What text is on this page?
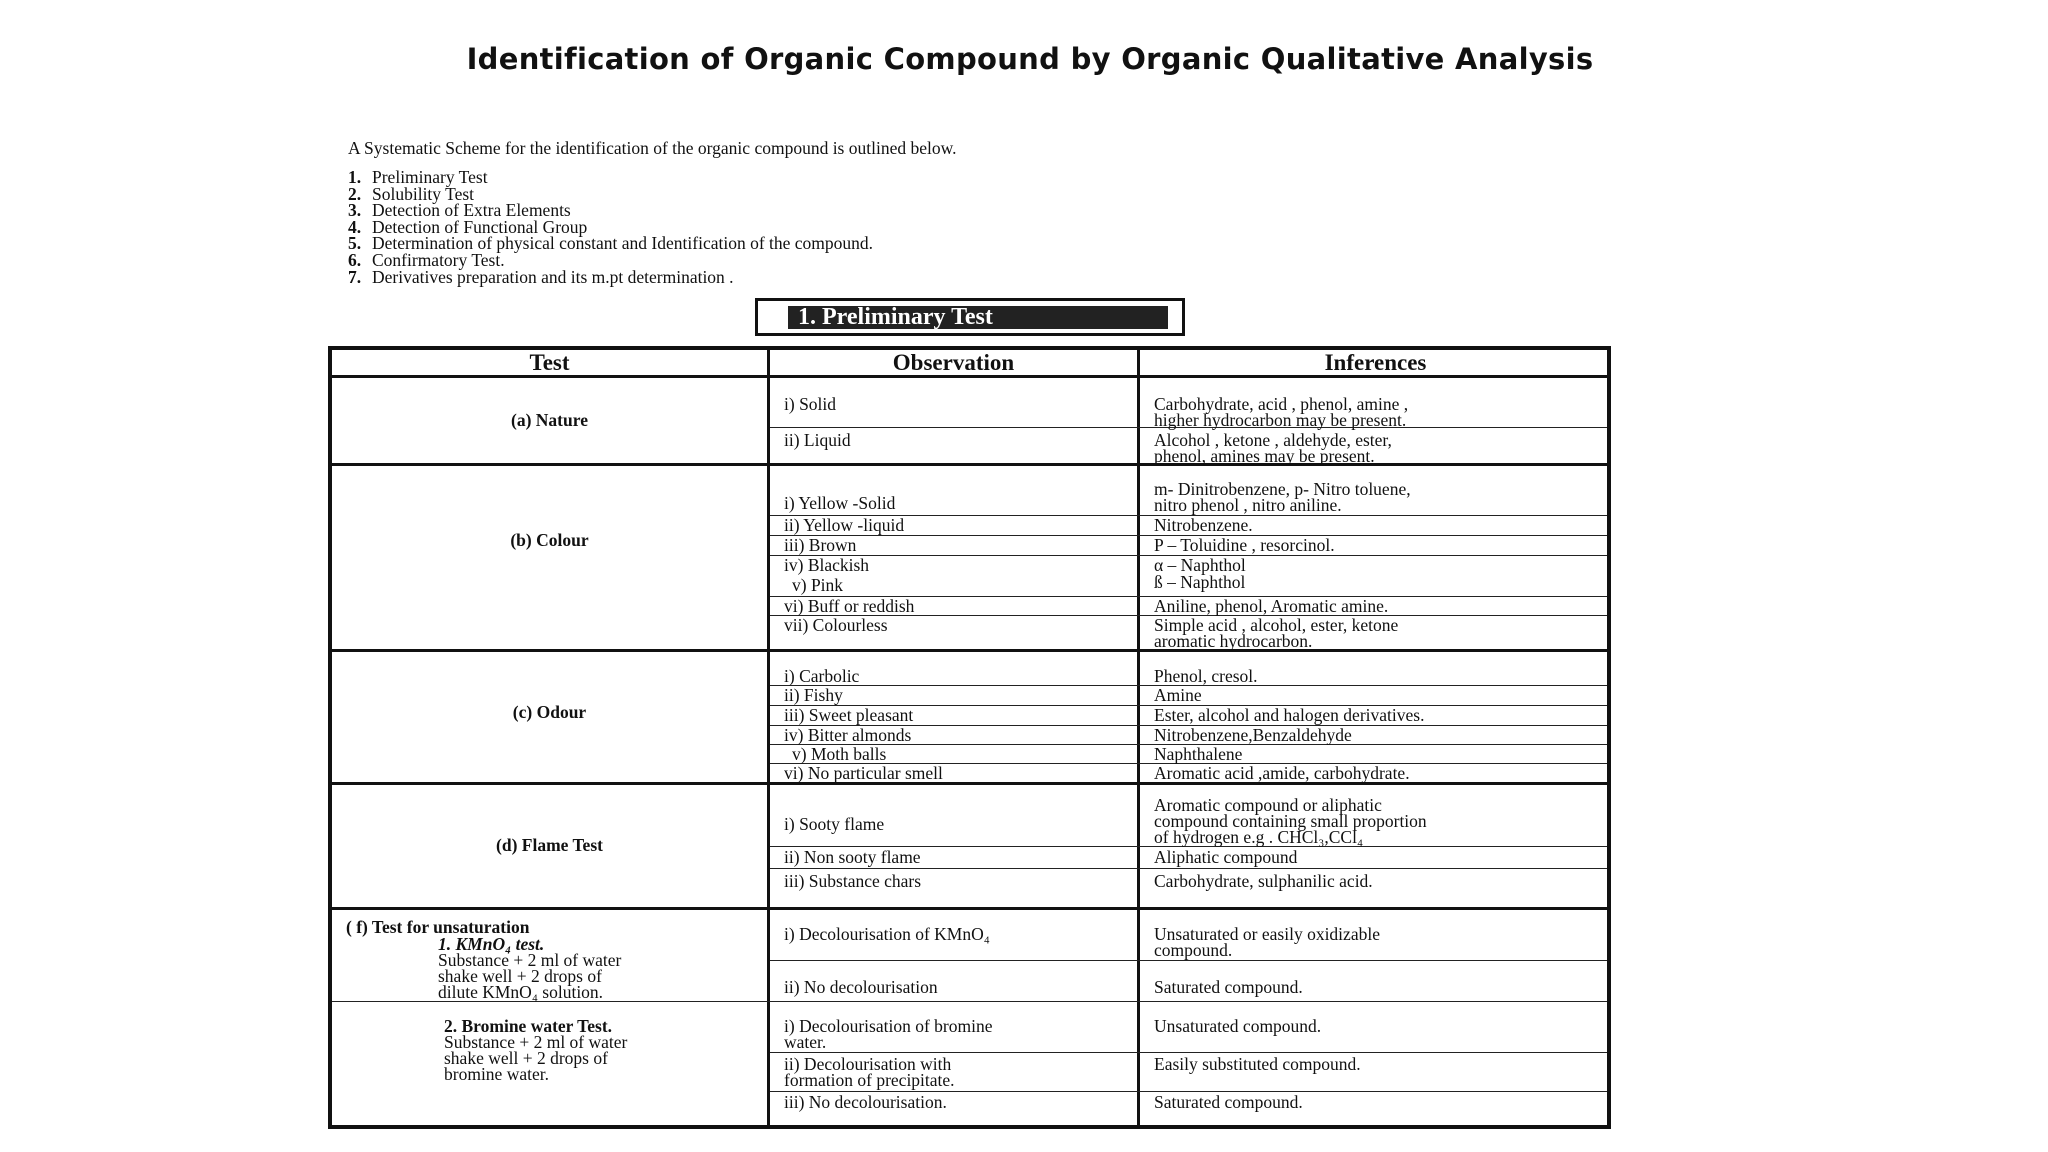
Identification of Organic Compound by Organic Qualitative Analysis
A Systematic Scheme for the identification of the organic compound is outlined below.
1. Preliminary Test
2. Solubility Test
3. Detection of Extra Elements
4. Detection of Functional Group
5. Determination of physical constant and Identification of the compound.
6. Confirmatory Test.
7. Derivatives preparation and its m.pt determination .
1. Preliminary Test
Test	Observation	Inferences
(a) Nature
i) Solid
ii) Liquid
Carbohydrate, acid , phenol, amine ,
higher hydrocarbon may be present.
Alcohol , ketone , aldehyde, ester,
phenol, amines may be present.
(b) Colour
i) Yellow -Solid
ii) Yellow -liquid
iii) Brown
iv) Blackish
v) Pink
vi) Buff or reddish
vii) Colourless
m- Dinitrobenzene, p- Nitro toluene,
nitro phenol , nitro aniline.
Nitrobenzene.
P – Toluidine , resorcinol.
α – Naphthol
ß – Naphthol
Aniline, phenol, Aromatic amine.
Simple acid , alcohol, ester, ketone
aromatic hydrocarbon.
(c) Odour
i) Carbolic
ii) Fishy
iii) Sweet pleasant
iv) Bitter almonds
v) Moth balls
vi) No particular smell
Phenol, cresol.
Amine
Ester, alcohol and halogen derivatives.
Nitrobenzene,Benzaldehyde
Naphthalene
Aromatic acid ,amide, carbohydrate.
(d) Flame Test
i) Sooty flame
ii) Non sooty flame
iii) Substance chars
Aromatic compound or aliphatic
compound containing small proportion
of hydrogen e.g . CHCl₃,CCl₄
Aliphatic compound
Carbohydrate, sulphanilic acid.
( f) Test for unsaturation
1. KMnO₄ test.
Substance + 2 ml of water
shake well + 2 drops of
dilute KMnO₄ solution.
2. Bromine water Test.
Substance + 2 ml of water
shake well + 2 drops of
bromine water.
i) Decolourisation of KMnO₄
ii) No decolourisation
i) Decolourisation of bromine
water.
ii) Decolourisation with
formation of precipitate.
iii) No decolourisation.
Unsaturated or easily oxidizable
compound.
Saturated compound.
Unsaturated compound.
Easily substituted compound.
Saturated compound.
